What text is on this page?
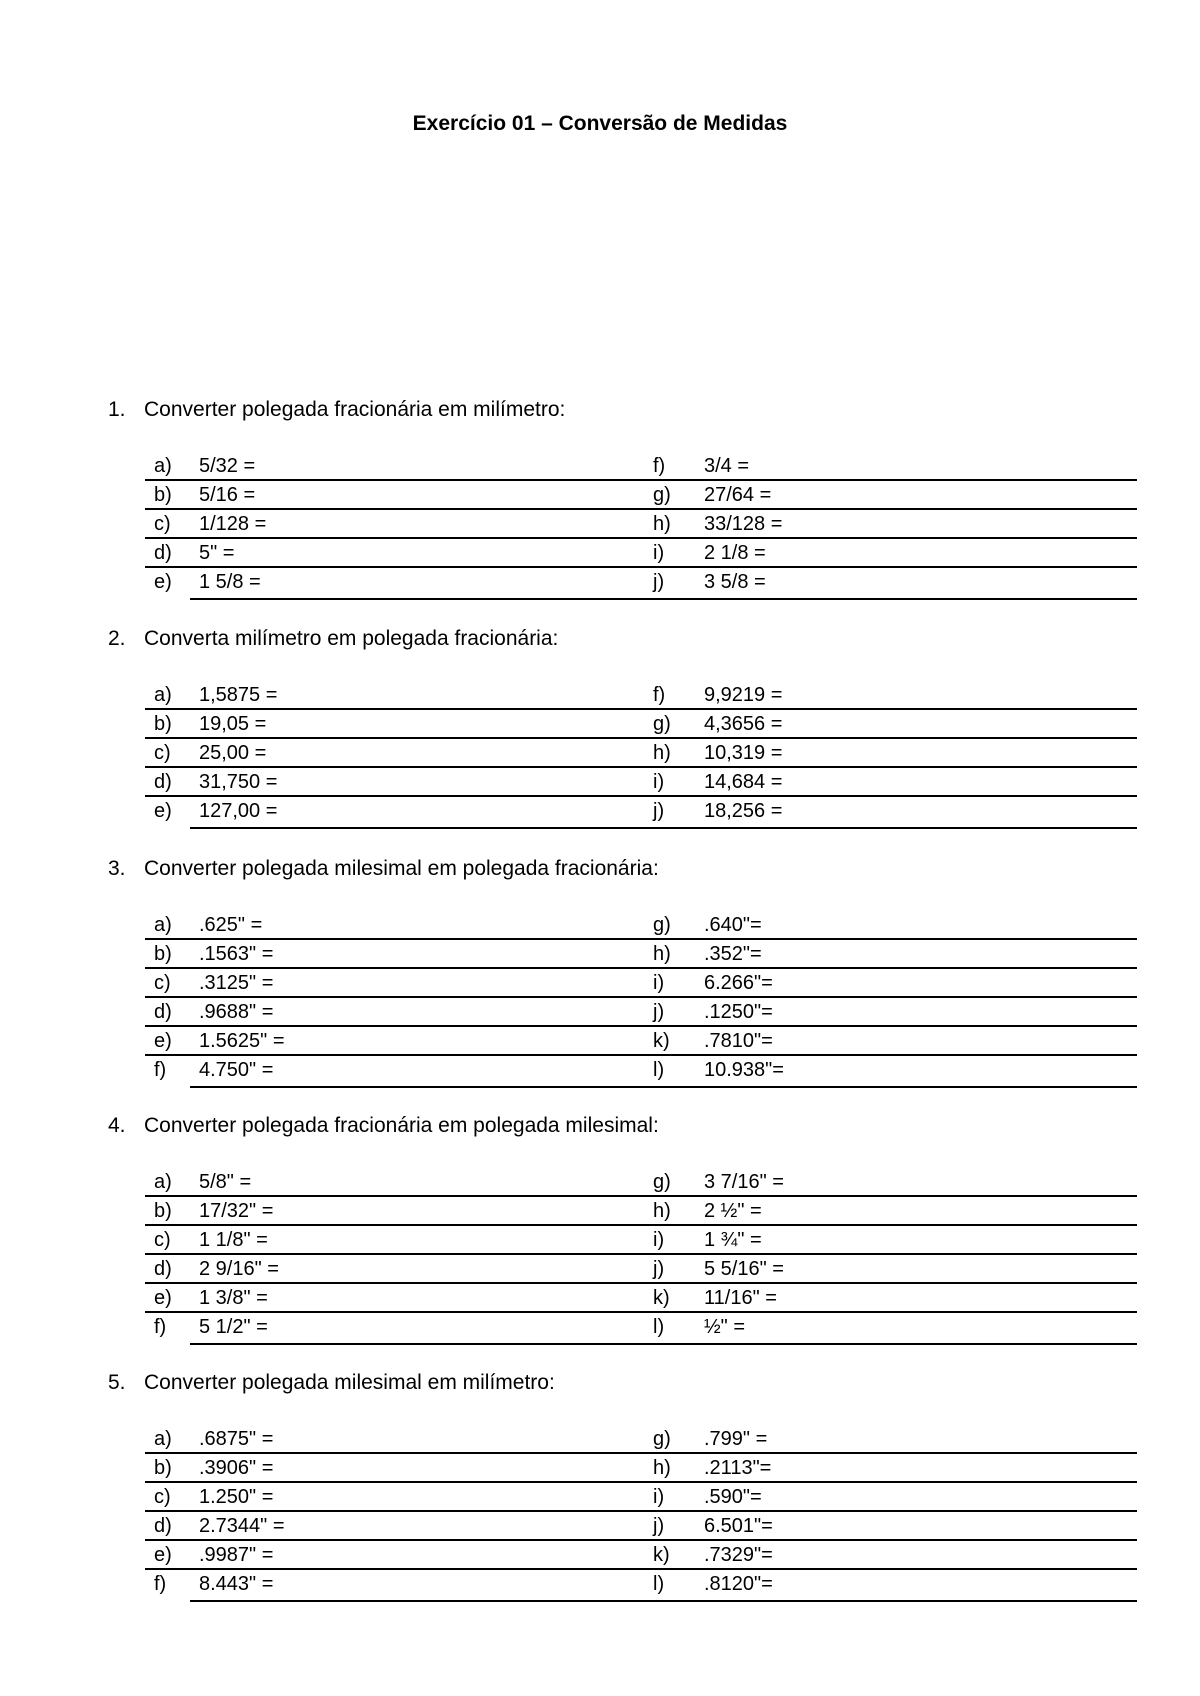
Exercício 01 – Conversão de Medidas
1. Converter polegada fracionária em milímetro:
a) 5/32 =	f) 3/4 =
b) 5/16 =	g) 27/64 =
c) 1/128 =	h) 33/128 =
d) 5" =	i) 2 1/8 =
e) 1 5/8 =	j) 3 5/8 =
2. Converta milímetro em polegada fracionária:
a) 1,5875 =	f) 9,9219 =
b) 19,05 =	g) 4,3656 =
c) 25,00 =	h) 10,319 =
d) 31,750 =	i) 14,684 =
e) 127,00 =	j) 18,256 =
3. Converter polegada milesimal em polegada fracionária:
a) .625" =	g) .640"=
b) .1563" =	h) .352"=
c) .3125" =	i) 6.266"=
d) .9688" =	j) .1250"=
e) 1.5625" =	k) .7810"=
f) 4.750" =	l) 10.938"=
4. Converter polegada fracionária em polegada milesimal:
a) 5/8" =	g) 3 7/16" =
b) 17/32" =	h) 2 ½" =
c) 1 1/8" =	i) 1 ¾" =
d) 2 9/16" =	j) 5 5/16" =
e) 1 3/8" =	k) 11/16" =
f) 5 1/2" =	l) ½" =
5. Converter polegada milesimal em milímetro:
a) .6875" =	g) .799" =
b) .3906" =	h) .2113"=
c) 1.250" =	i) .590"=
d) 2.7344" =	j) 6.501"=
e) .9987" =	k) .7329"=
f) 8.443" =	l) .8120"=
